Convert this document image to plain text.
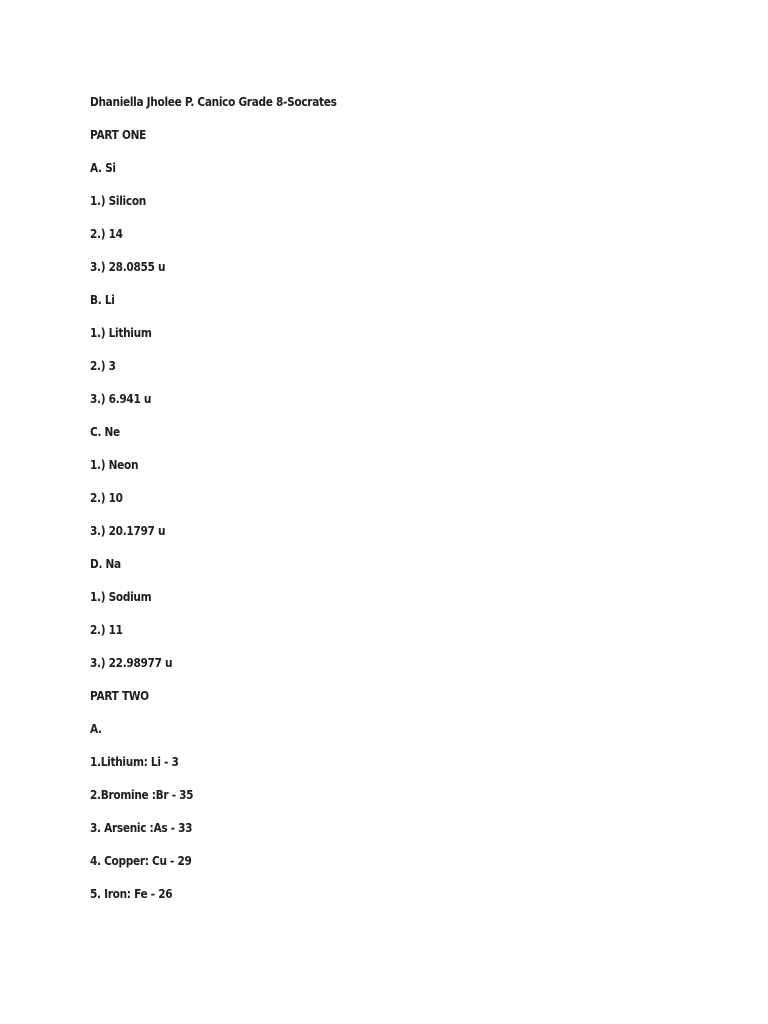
Dhaniella Jholee P. Canico Grade 8-Socrates
PART ONE
A. Si
1.) Silicon
2.) 14
3.) 28.0855 u
B. Li
1.) Lithium
2.) 3
3.) 6.941 u
C. Ne
1.) Neon
2.) 10
3.) 20.1797 u
D. Na
1.) Sodium
2.) 11
3.) 22.98977 u
PART TWO
A.
1.Lithium: Li - 3
2.Bromine :Br - 35
3. Arsenic :As - 33
4. Copper: Cu - 29
5. Iron: Fe - 26
